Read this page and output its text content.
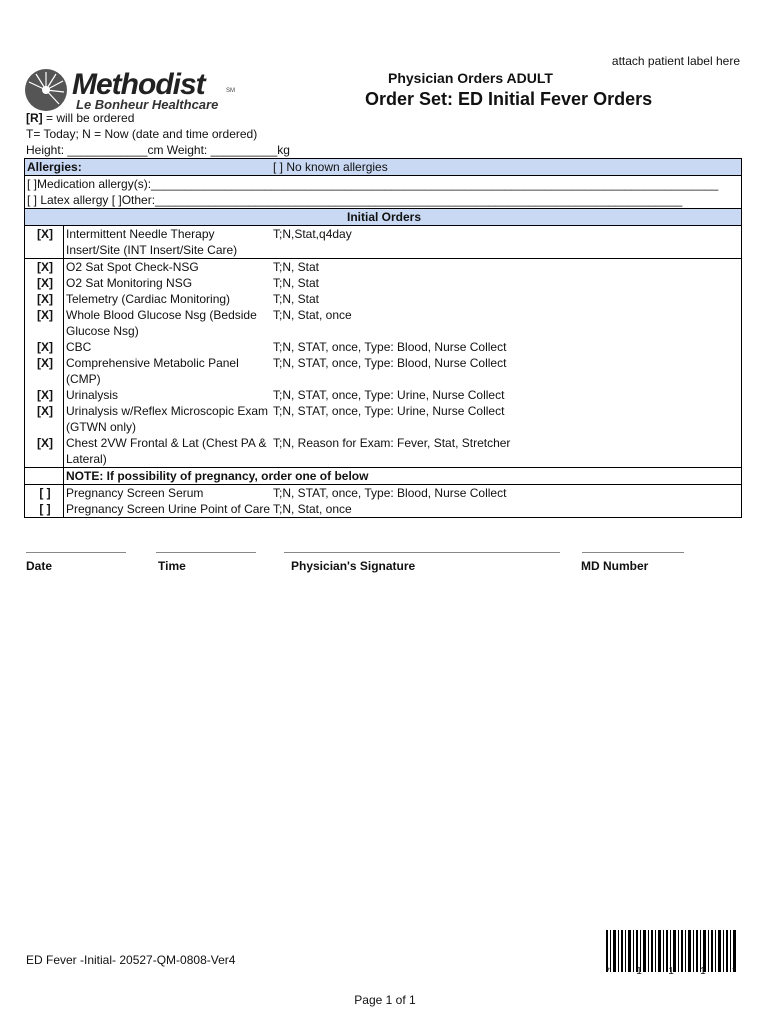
attach patient label here
Methodist	SM
Le Bonheur Healthcare
Physician Orders ADULT
Order Set: ED Initial Fever Orders
[R] = will be ordered
T= Today; N = Now (date and time ordered)
Height: ____________cm Weight: __________kg
Allergies:		[ ] No known allergies
[ ]Medication allergy(s):_____________________________________________________________________________________		
[ ] Latex allergy [ ]Other:_______________________________________________________________________________		
Initial Orders		
[X]	Intermittent Needle Therapy Insert/Site (INT Insert/Site Care)	T;N,Stat,q4day
[X]	O2 Sat Spot Check-NSG	T;N, Stat
[X]	O2 Sat Monitoring NSG	T;N, Stat
[X]	Telemetry (Cardiac Monitoring)	T;N, Stat
[X]	Whole Blood Glucose Nsg (Bedside Glucose Nsg)	T;N, Stat, once
[X]	CBC	T;N, STAT, once, Type: Blood, Nurse Collect
[X]	Comprehensive Metabolic Panel (CMP)	T;N, STAT, once, Type: Blood, Nurse Collect
[X]	Urinalysis	T;N, STAT, once, Type: Urine, Nurse Collect
[X]	Urinalysis w/Reflex Microscopic Exam (GTWN only)	T;N, STAT, once, Type: Urine, Nurse Collect
[X]	Chest 2VW Frontal & Lat (Chest PA & Lateral)	T;N, Reason for Exam: Fever, Stat, Stretcher
	NOTE: If possibility of pregnancy, order one of below	
[ ]	Pregnancy Screen Serum	T;N, STAT, once, Type: Blood, Nurse Collect
[ ]	Pregnancy Screen Urine Point of Care	T;N, Stat, once
Date	Time	Physician's Signature	MD Number
ED Fever -Initial- 20527-QM-0808-Ver4
*	1	1	1	*
Page 1 of 1
